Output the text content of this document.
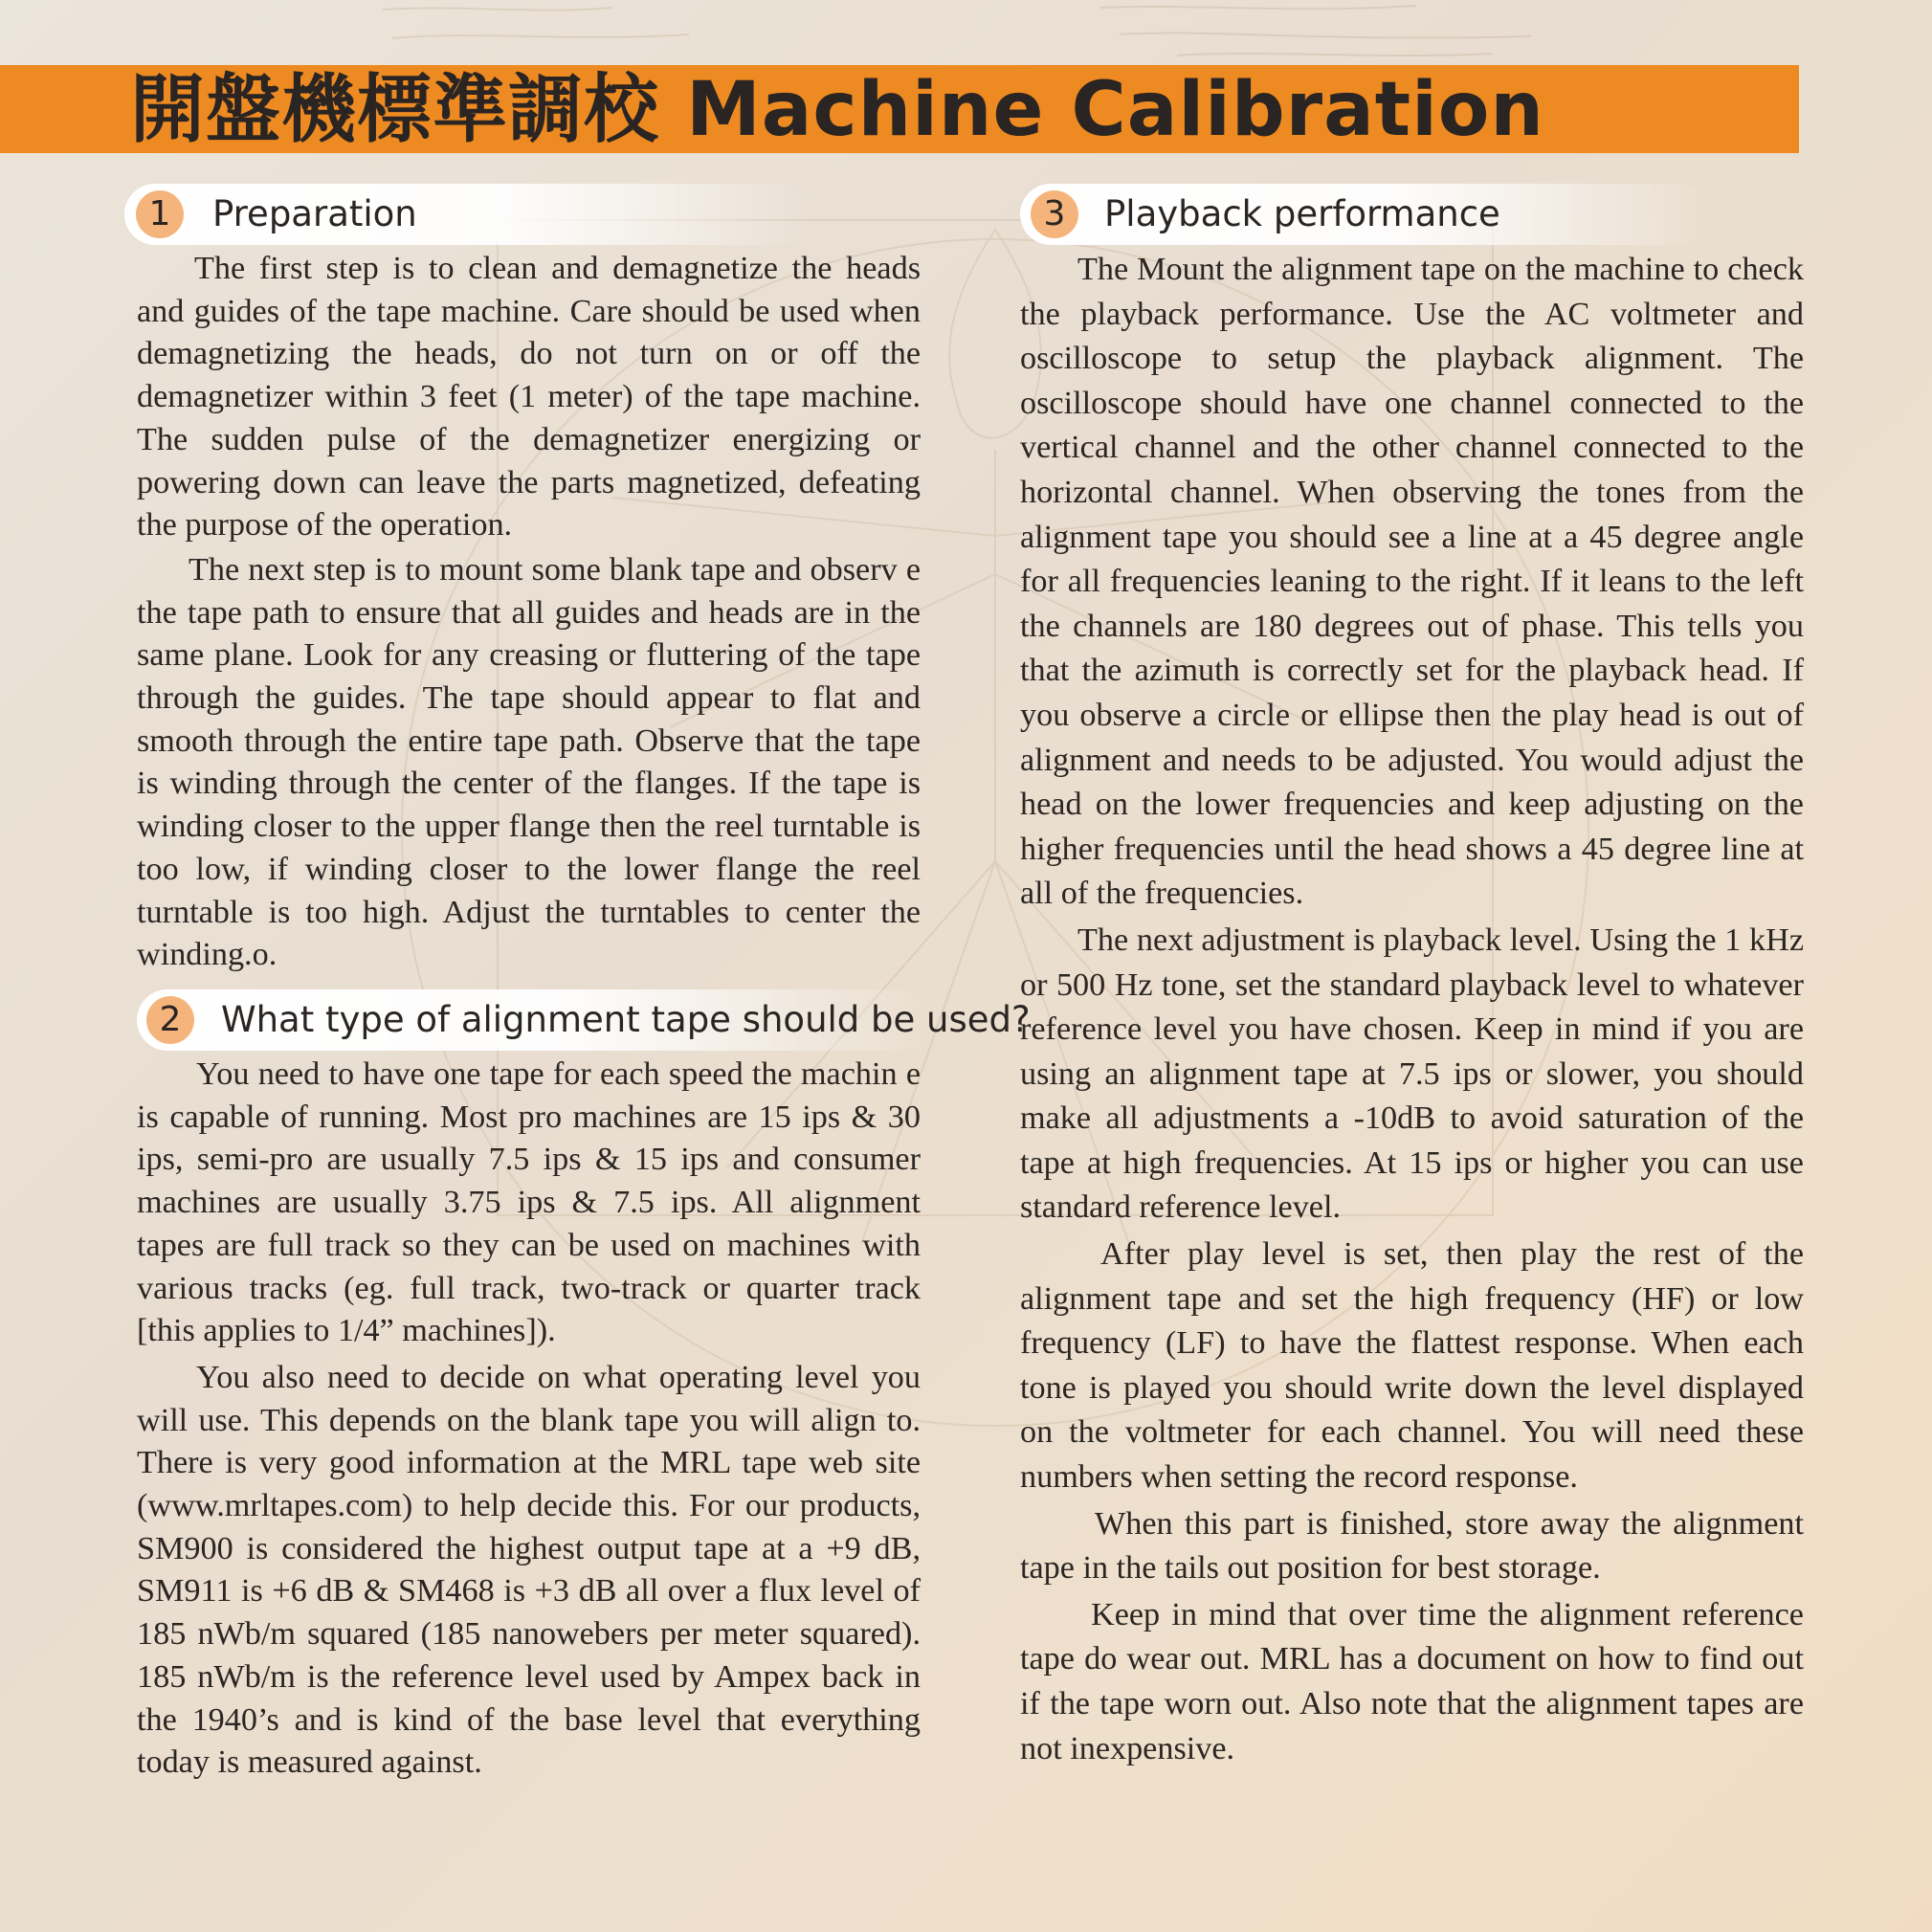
開盤機標準調校 Machine Calibration
1	Preparation

The first step is to clean and demagnetize the heads and guides of the tape machine. Care should be used when demagnetizing the heads, do not turn on or off the demagnetizer within 3 feet (1 meter) of the tape machine. The sudden pulse of the demagnetizer energizing or powering down can leave the parts magnetized, defeating the purpose of the operation.

The next step is to mount some blank tape and observ e the tape path to ensure that all guides and heads are in the same plane. Look for any creasing or fluttering of the tape through the guides. The tape should appear to flat and smooth through the entire tape path. Observe that the tape is winding through the center of the flanges. If the tape is winding closer to the upper flange then the reel turntable is too low, if winding closer to the lower flange the reel turntable is too high. Adjust the turntables to center the winding.o.

2	What type of alignment tape should be used?

You need to have one tape for each speed the machin e is capable of running. Most pro machines are 15 ips & 30 ips, semi-pro are usually 7.5 ips & 15 ips and consumer machines are usually 3.75 ips & 7.5 ips. All alignment tapes are full track so they can be used on machines with various tracks (eg. full track, two-track or quarter track [this applies to 1/4” machines]).

You also need to decide on what operating level you will use. This depends on the blank tape you will align to. There is very good information at the MRL tape web site (www.mrltapes.com) to help decide this. For our products, SM900 is considered the highest output tape at a +9 dB, SM911 is +6 dB & SM468 is +3 dB all over a flux level of 185 nWb/m squared (185 nanowebers per meter squared). 185 nWb/m is the reference level used by Ampex back in the 1940’s and is kind of the base level that everything today is measured against.

3	Playback performance

The Mount the alignment tape on the machine to check the playback performance. Use the AC voltmeter and oscilloscope to setup the playback alignment. The oscilloscope should have one channel connected to the vertical channel and the other channel connected to the horizontal channel. When observing the tones from the alignment tape you should see a line at a 45 degree angle for all frequencies leaning to the right. If it leans to the left the channels are 180 degrees out of phase. This tells you that the azimuth is correctly set for the playback head. If you observe a circle or ellipse then the play head is out of alignment and needs to be adjusted. You would adjust the head on the lower frequencies and keep adjusting on the higher frequencies until the head shows a 45 degree line at all of the frequencies.

The next adjustment is playback level. Using the 1 kHz or 500 Hz tone, set the standard playback level to whatever reference level you have chosen. Keep in mind if you are using an alignment tape at 7.5 ips or slower, you should make all adjustments a -10dB to avoid saturation of the tape at high frequencies. At 15 ips or higher you can use standard reference level.

After play level is set, then play the rest of the alignment tape and set the high frequency (HF) or low frequency (LF) to have the flattest response. When each tone is played you should write down the level displayed on the voltmeter for each channel. You will need these numbers when setting the record response.

When this part is finished, store away the alignment tape in the tails out position for best storage.

Keep in mind that over time the alignment reference tape do wear out. MRL has a document on how to find out if the tape worn out. Also note that the alignment tapes are not inexpensive.
